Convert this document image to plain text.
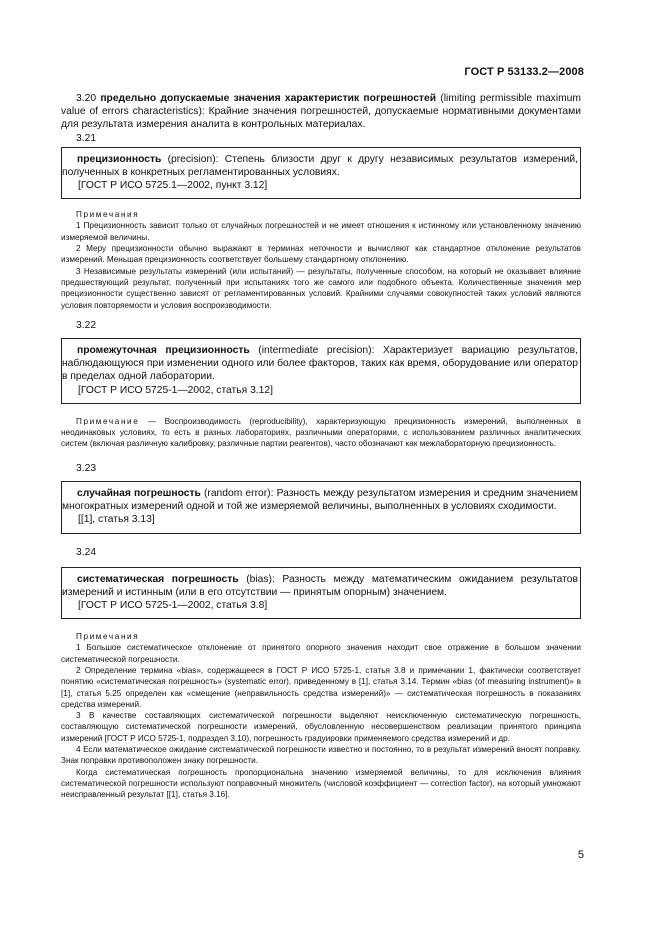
ГОСТ Р 53133.2—2008

3.20 предельно допускаемые значения характеристик погрешностей (limiting permissible maximum value of errors characteristics): Крайние значения погрешностей, допускаемые нормативными документами для результата измерения аналита в контрольных материалах.

3.21

прецизионность (precision): Степень близости друг к другу независимых результатов измерений, полученных в конкретных регламентированных условиях.

[ГОСТ Р ИСО 5725.1—2002, пункт 3.12]

Примечания

1 Прецизионность зависит только от случайных погрешностей и не имеет отношения к истинному или установленному значению измеряемой величины.

2 Меру прецизионности обычно выражают в терминах неточности и вычисляют как стандартное отклонение результатов измерений. Меньшая прецизионность соответствует большему стандартному отклонению.

3 Независимые результаты измерений (или испытаний) — результаты, полученные способом, на который не оказывает влияние предшествующий результат, полученный при испытаниях того же самого или подобного объекта. Количественные значения мер прецизионности существенно зависят от регламентированных условий. Крайними случаями совокупностей таких условий являются условия повторяемости и условия воспроизводимости.

3.22

промежуточная прецизионность (intermediate precision): Характеризует вариацию результатов, наблюдающуюся при изменении одного или более факторов, таких как время, оборудование или оператор в пределах одной лаборатории.

[ГОСТ Р ИСО 5725-1—2002, статья 3.12]

Примечание — Воспроизводимость (reproducibility), характеризующую прецизионность измерений, выполненных в неодинаковых условиях, то есть в разных лабораториях, различными операторами, с использованием различных аналитических систем (включая различную калибровку, различные партии реагентов), часто обозначают как межлабораторную прецизионность.

3.23

случайная погрешность (random error): Разность между результатом измерения и средним значением многократных измерений одной и той же измеряемой величины, выполненных в условиях сходимости.

[[1], статья 3.13]

3.24

систематическая погрешность (bias): Разность между математическим ожиданием результатов измерений и истинным (или в его отсутствии — принятым опорным) значением.

[ГОСТ Р ИСО 5725-1—2002, статья 3.8]

Примечания

1 Большое систематическое отклонение от принятого опорного значения находит свое отражение в большом значении систематической погрешности.

2 Определение термина «bias», содержащееся в ГОСТ Р ИСО 5725-1, статья 3.8 и примечании 1, фактически соответствует понятию «систематическая погрешность» (systematic error), приведенному в [1], статья 3.14. Термин «bias (of measuring instrument)» в [1], статья 5.25 определен как «смещение (неправильность средства измерений)» — систематическая погрешность в показаниях средства измерений.

3 В качестве составляющих систематической погрешности выделяют неисключенную систематическую погрешность, составляющую систематической погрешности измерений, обусловленную несовершенством реализации принятого принципа измерений [ГОСТ Р ИСО 5725-1, подраздел 3.10), погрешность градуировки применяемого средства измерений и др.

4 Если математическое ожидание систематической погрешности известно и постоянно, то в результат измерений вносят поправку. Знак поправки противоположен знаку погрешности.

Когда систематическая погрешность пропорциональна значению измеряемой величины, то для исключения влияния систематической погрешности используют поправочный множитель (числовой коэффициент — correction factor), на который умножают неисправленный результат [[1], статья 3.16].

5
